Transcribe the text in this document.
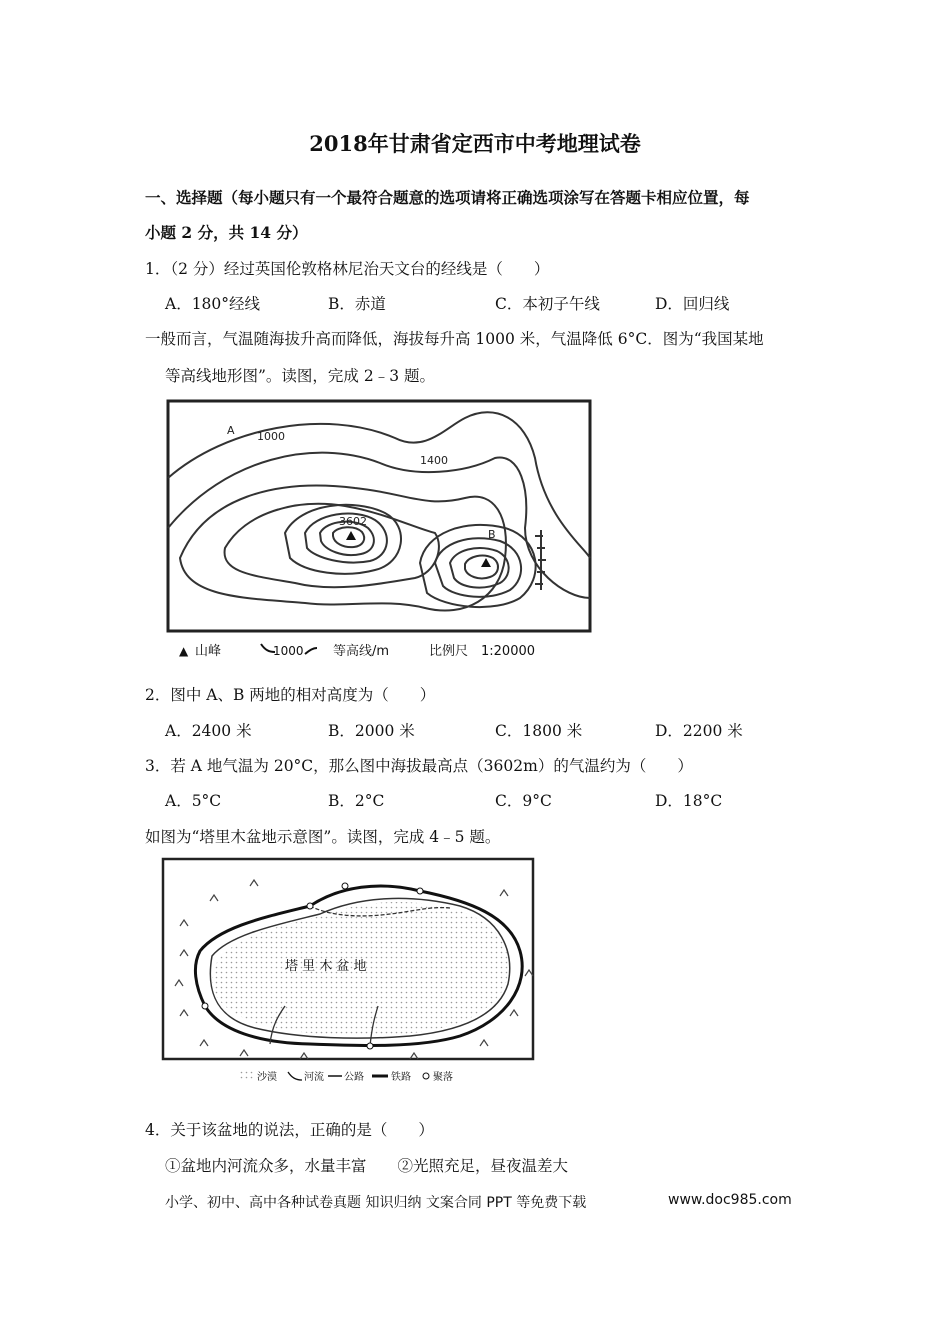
2018年甘肃省定西市中考地理试卷
一、选择题（每小题只有一个最符合题意的选项请将正确选项涂写在答题卡相应位置，每
小题 2 分，共 14 分）
1．（2 分）经过英国伦敦格林尼治天文台的经线是（　　）
A．180°经线	B．赤道	C．本初子午线	D．回归线
一般而言，气温随海拔升高而降低，海拔每升高 1000 米，气温降低 6°C．图为“我国某地
等高线地形图”。读图，完成 2﹣3 题。
A 1000
1400
3602
B
▲ 山峰	1000 等高线/m	比例尺　1:20000
2．图中 A、B 两地的相对高度为（　　）
A．2400 米	B．2000 米	C．1800 米	D．2200 米
3．若 A 地气温为 20°C，那么图中海拔最高点（3602m）的气温约为（　　）
A．5°C	B．2°C	C．9°C	D．18°C
如图为“塔里木盆地示意图”。读图，完成 4﹣5 题。
塔 里 木 盆 地
沙漠	河流 公路	铁路 聚落
4．关于该盆地的说法，正确的是（　　）
①盆地内河流众多，水量丰富　　②光照充足，昼夜温差大
小学、初中、高中各种试卷真题 知识归纳 文案合同 PPT 等免费下载	www.doc985.com
